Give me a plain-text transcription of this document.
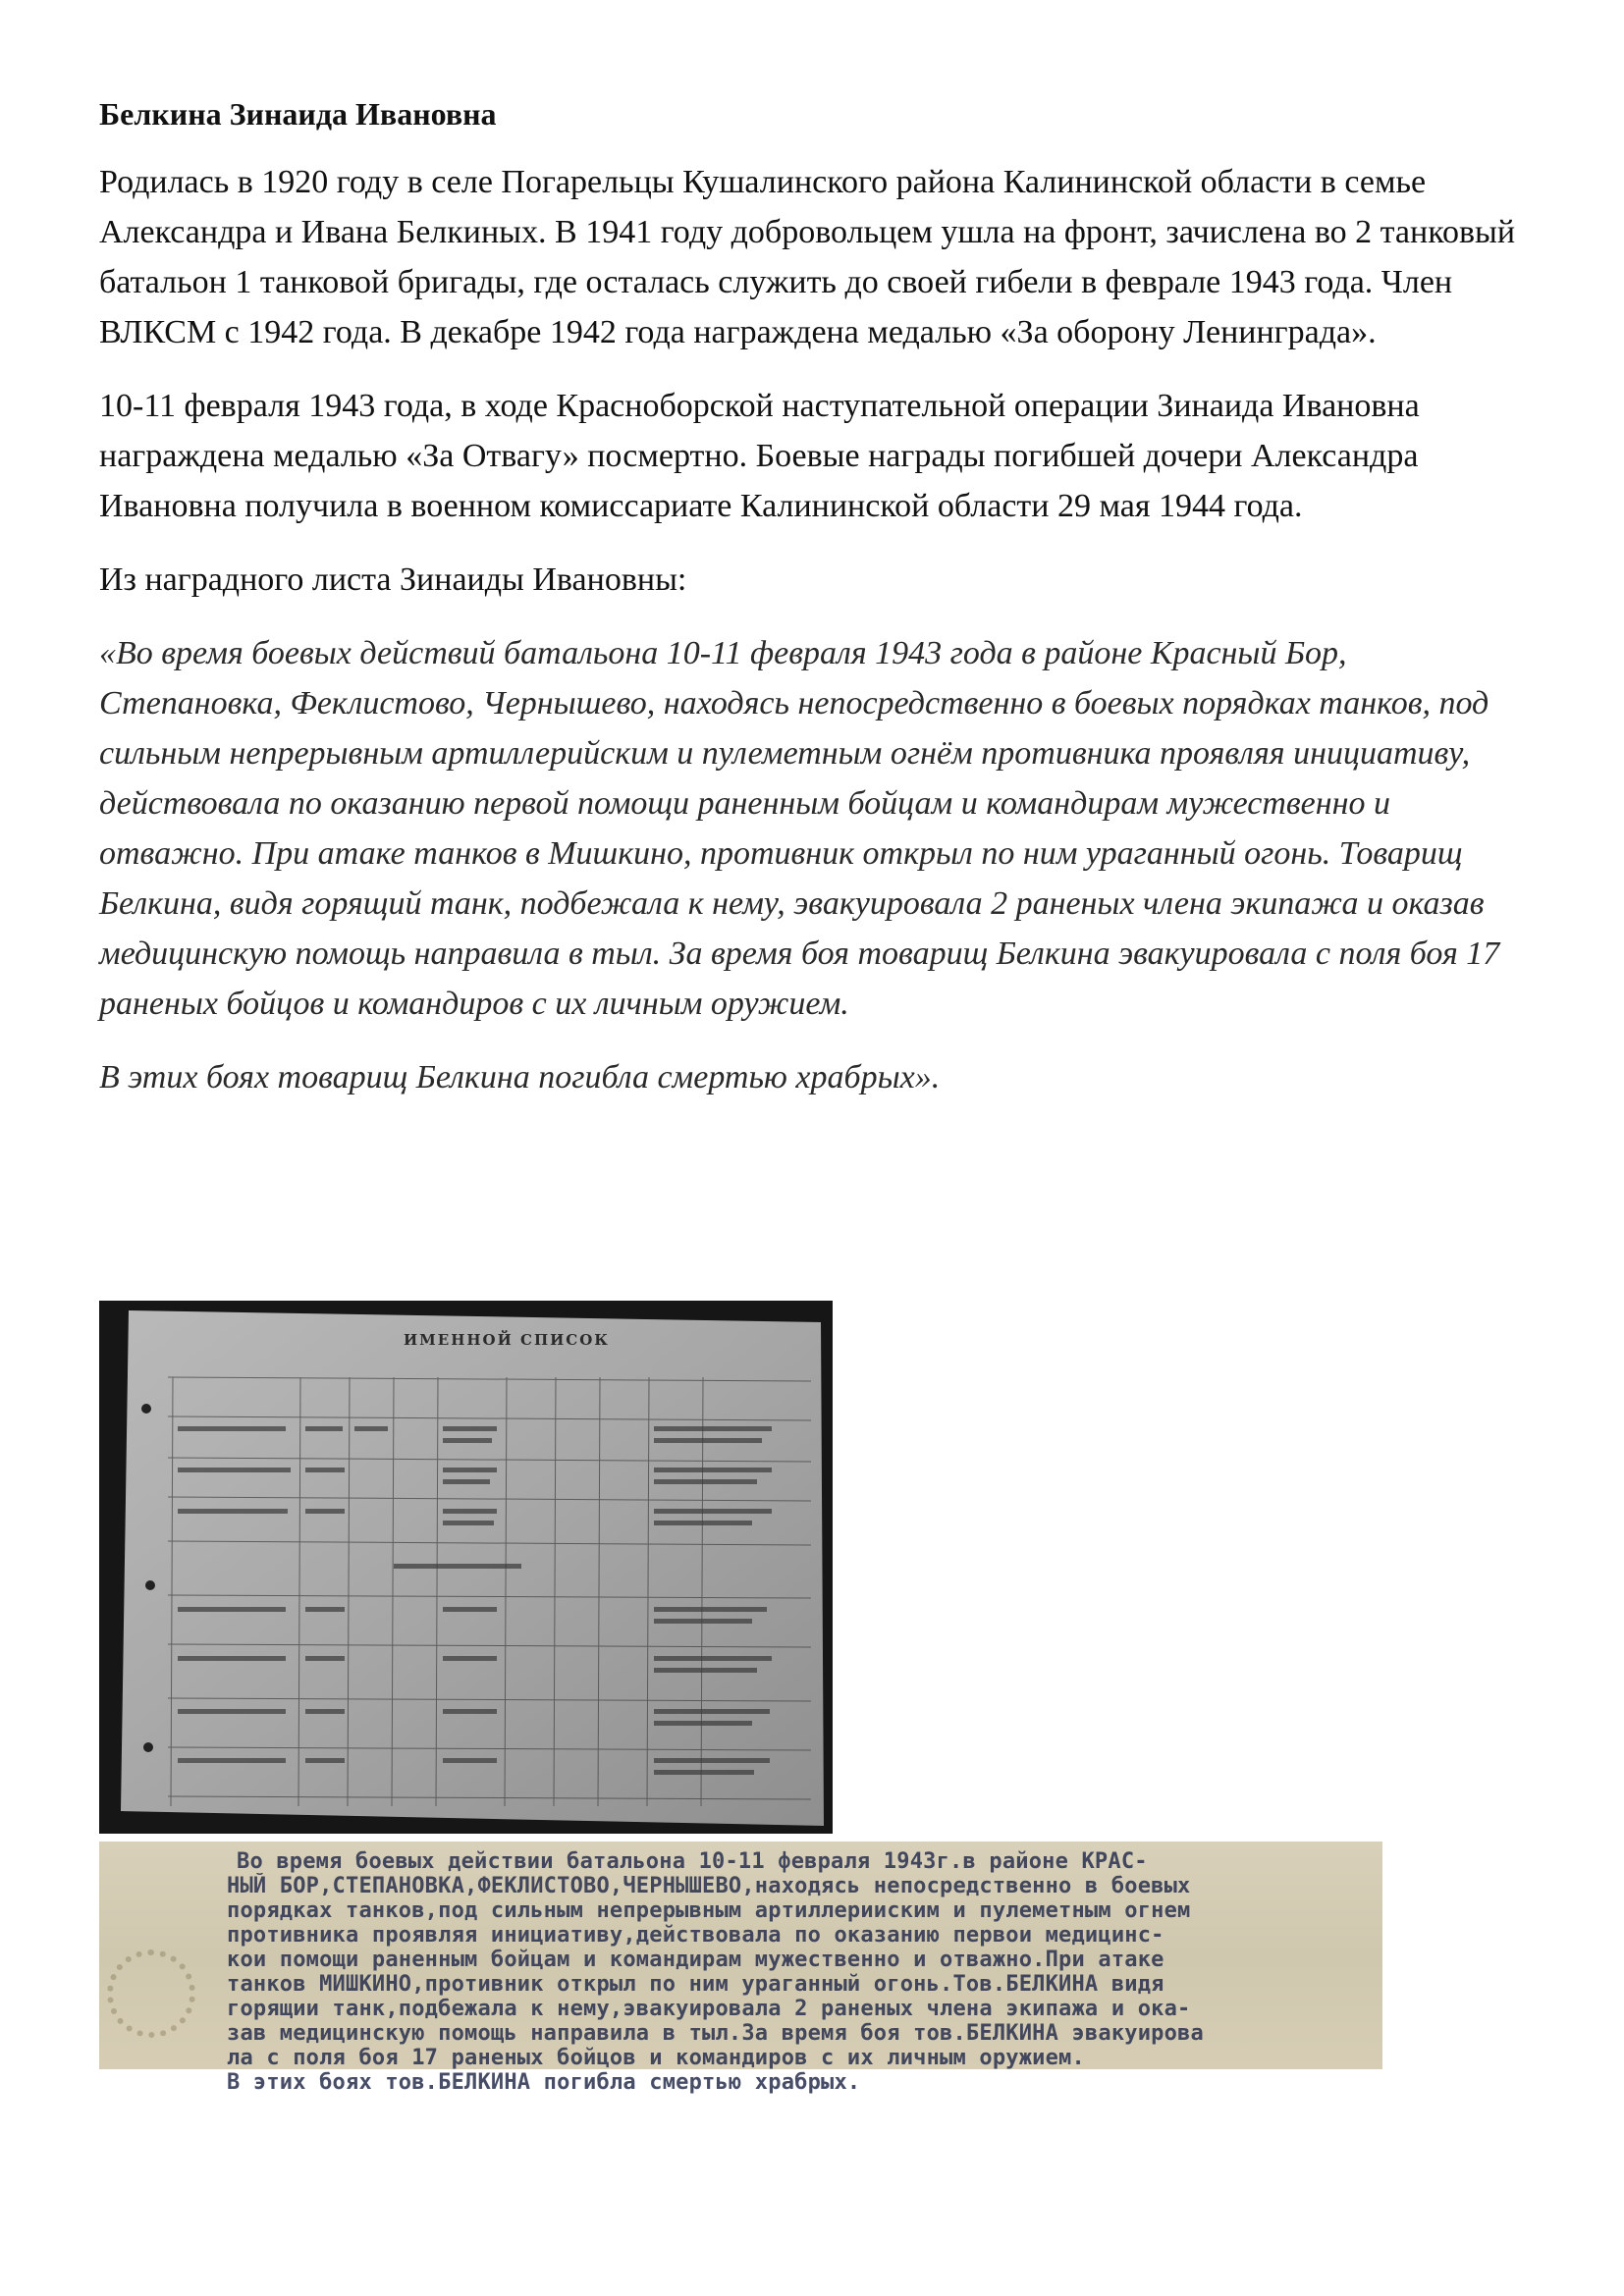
Белкина Зинаида Ивановна

Родилась в 1920 году в селе Погарельцы Кушалинского района Калининской области в семье Александра и Ивана Белкиных. В 1941 году добровольцем ушла на фронт, зачислена во 2 танковый батальон 1 танковой бригады, где осталась служить до своей гибели в феврале 1943 года. Член ВЛКСМ с 1942 года. В декабре 1942 года награждена медалью «За оборону Ленинграда».

10-11 февраля 1943 года, в ходе Красноборской наступательной операции Зинаида Ивановна награждена медалью «За Отвагу» посмертно. Боевые награды погибшей дочери Александра Ивановна получила в военном комиссариате Калининской области 29 мая 1944 года.

Из наградного листа Зинаиды Ивановны:

«Во время боевых действий батальона 10-11 февраля 1943 года в районе Красный Бор, Степановка, Феклистово, Чернышево, находясь непосредственно в боевых порядках танков, под сильным непрерывным артиллерийским и пулеметным огнём противника проявляя инициативу, действовала по оказанию первой помощи раненным бойцам и командирам мужественно и отважно. При атаке танков в Мишкино, противник открыл по ним ураганный огонь. Товарищ Белкина, видя горящий танк, подбежала к нему, эвакуировала 2 раненых члена экипажа и оказав медицинскую помощь направила в тыл. За время боя товарищ Белкина эвакуировала с поля боя 17 раненых бойцов и командиров с их личным оружием.

В этих боях товарищ Белкина погибла смертью храбрых».

ИМЕННОЙ СПИСОК
Во время боевых действии батальона 10-11 февраля 1943г.в районе КРАС-
НЫЙ БОР,СТЕПАНОВКА,ФЕКЛИСТОВО,ЧЕРНЫШЕВО,находясь непосредственно в боевых
порядках танков,под сильным непрерывным артиллерииским и пулеметным огнем
противника проявляя инициативу,действовала по оказанию первои медицинс-
кои помощи раненным бойцам и командирам мужественно и отважно.При атаке
танков МИШКИНО,противник открыл по ним ураганный огонь.Тов.БЕЛКИНА видя
горящии танк,подбежала к нему,эвакуировала 2 раненых члена экипажа и ока-
зав медицинскую помощь направила в тыл.За время боя тов.БЕЛКИНА эвакуирова
ла с поля боя 17 раненых бойцов и командиров с их личным оружием.
В этих боях тов.БЕЛКИНА погибла смертью храбрых.
